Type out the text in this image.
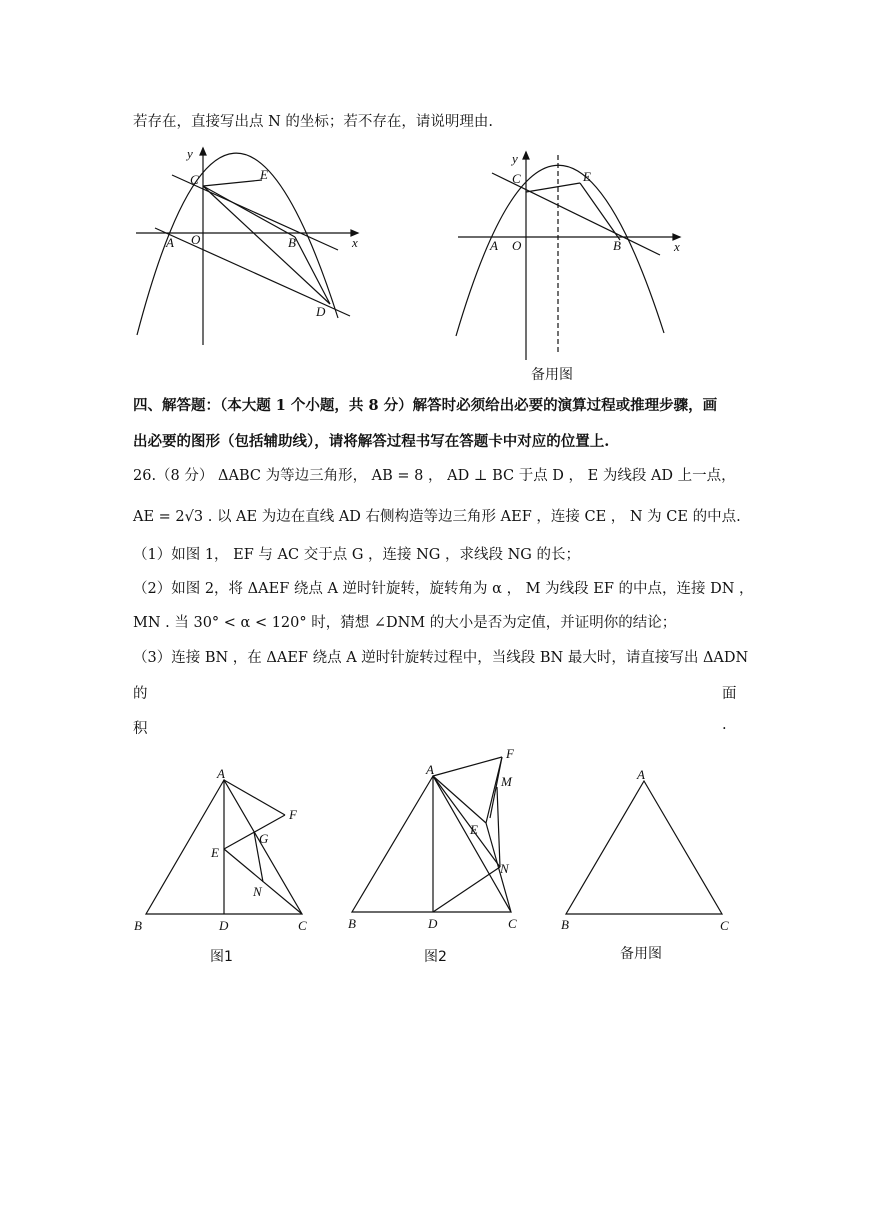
若存在，直接写出点 N 的坐标；若不存在，请说明理由.
y
x
C	E
A O	B
D
y
x
C	E
A O	B
备用图
四、解答题：（本大题 1 个小题，共 8 分）解答时必须给出必要的演算过程或推理步骤，画
出必要的图形（包括辅助线），请将解答过程书写在答题卡中对应的位置上.
26.（8 分） ΔABC 为等边三角形， AB = 8 ， AD ⊥ BC 于点 D ， E 为线段 AD 上一点，
AE = 2√3 . 以 AE 为边在直线 AD 右侧构造等边三角形 AEF ，连接 CE ， N 为 CE 的中点.
（1）如图 1， EF 与 AC 交于点 G ，连接 NG ，求线段 NG 的长；
（2）如图 2，将 ΔAEF 绕点 A 逆时针旋转，旋转角为 α ， M 为线段 EF 的中点，连接 DN ，
MN . 当 30° < α < 120° 时，猜想 ∠DNM 的大小是否为定值，并证明你的结论；
（3）连接 BN ，在 ΔAEF 绕点 A 逆时针旋转过程中，当线段 BN 最大时，请直接写出 ΔADN
的	面
积	.
A
F
G
E
N
B	D	C
图1
A
F
M
E
N
B	D	C
图2
A
B	C
备用图
